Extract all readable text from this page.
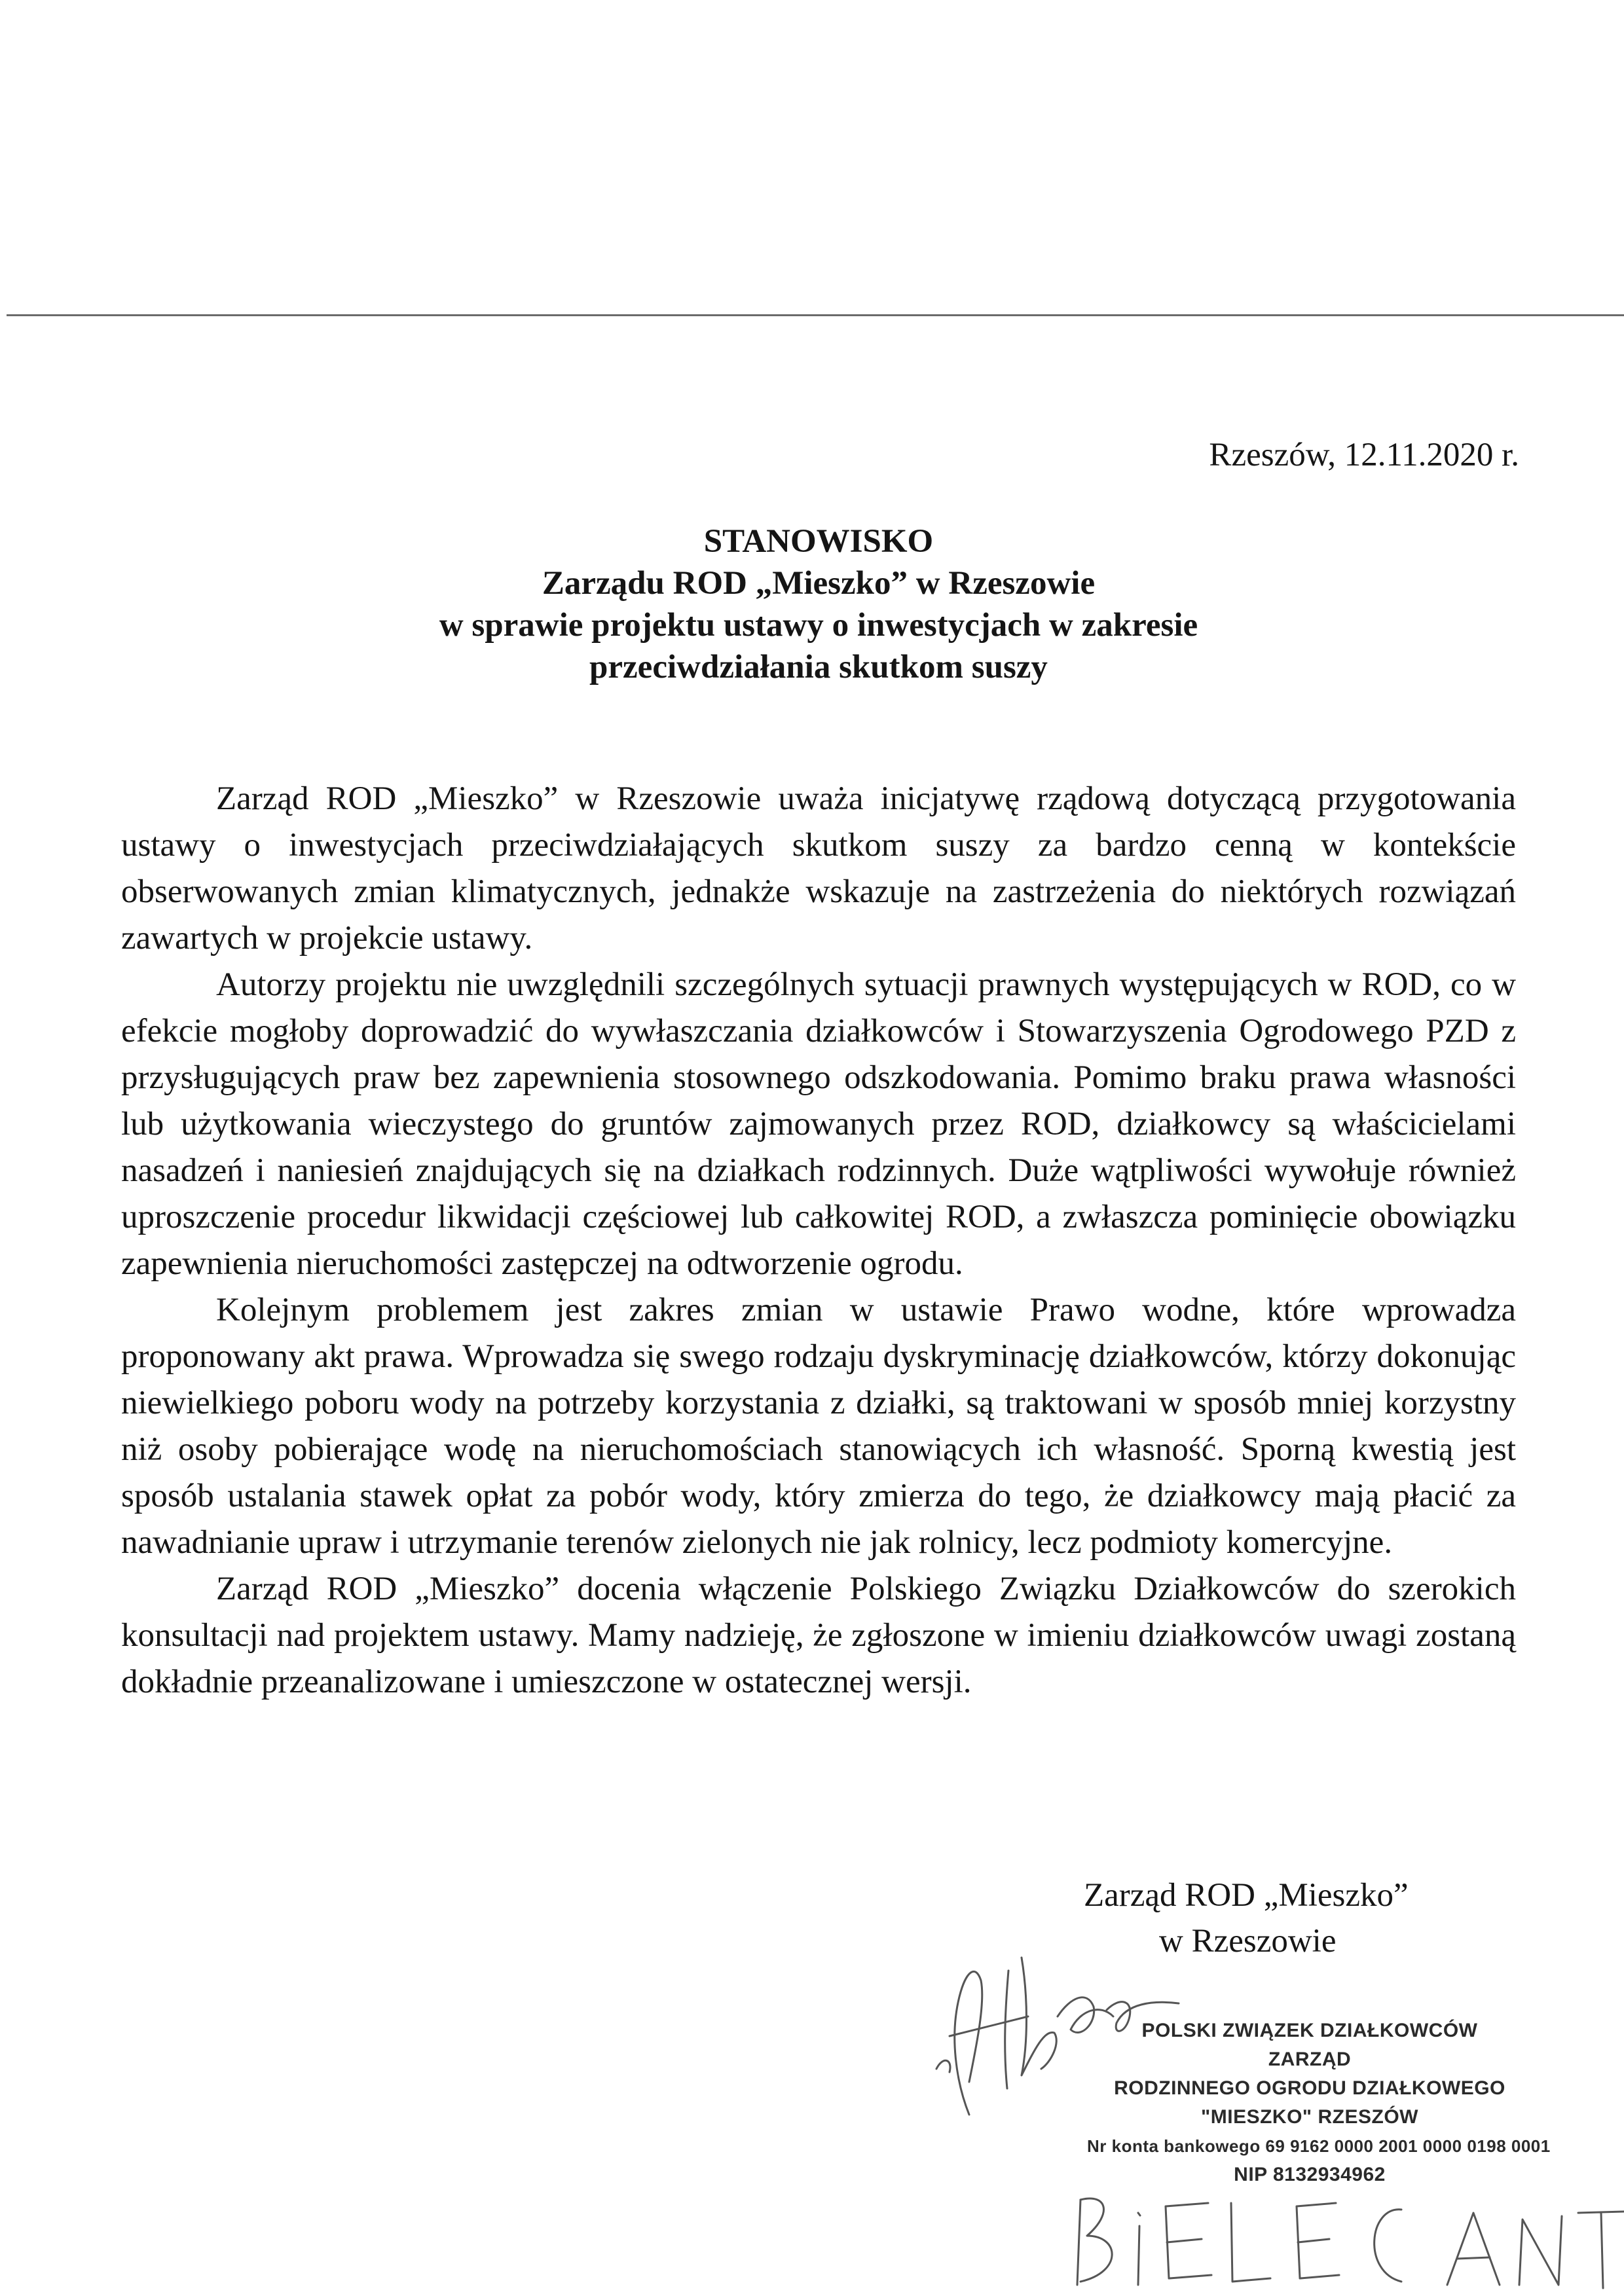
Rzeszów, 12.11.2020 r.
STANOWISKO
Zarządu ROD „Mieszko” w Rzeszowie
w sprawie projektu ustawy o inwestycjach w zakresie
przeciwdziałania skutkom suszy

Zarząd ROD „Mieszko” w Rzeszowie uważa inicjatywę rządową dotyczącą przygotowania ustawy o inwestycjach przeciwdziałających skutkom suszy za bardzo cenną w kontekście obserwowanych zmian klimatycznych, jednakże wskazuje na zastrzeżenia do niektórych rozwiązań zawartych w projekcie ustawy.

Autorzy projektu nie uwzględnili szczególnych sytuacji prawnych występujących w ROD, co w efekcie mogłoby doprowadzić do wywłaszczania działkowców i Stowarzyszenia Ogrodowego PZD z przysługujących praw bez zapewnienia stosownego odszkodowania. Pomimo braku prawa własności lub użytkowania wieczystego do gruntów zajmowanych przez ROD, działkowcy są właścicielami nasadzeń i naniesień znajdujących się na działkach rodzinnych. Duże wątpliwości wywołuje również uproszczenie procedur likwidacji częściowej lub całkowitej ROD, a zwłaszcza pominięcie obowiązku zapewnienia nieruchomości zastępczej na odtworzenie ogrodu.

Kolejnym problemem jest zakres zmian w ustawie Prawo wodne, które wprowadza proponowany akt prawa. Wprowadza się swego rodzaju dyskryminację działkowców, którzy dokonując niewielkiego poboru wody na potrzeby korzystania z działki, są traktowani w sposób mniej korzystny niż osoby pobierające wodę na nieruchomościach stanowiących ich własność. Sporną kwestią jest sposób ustalania stawek opłat za pobór wody, który zmierza do tego, że działkowcy mają płacić za nawadnianie upraw i utrzymanie terenów zielonych nie jak rolnicy, lecz podmioty komercyjne.

Zarząd ROD „Mieszko” docenia włączenie Polskiego Związku Działkowców do szerokich konsultacji nad projektem ustawy. Mamy nadzieję, że zgłoszone w imieniu działkowców uwagi zostaną dokładnie przeanalizowane i umieszczone w ostatecznej wersji.

Zarząd ROD „Mieszko”
w Rzeszowie
POLSKI ZWIĄZEK DZIAŁKOWCÓW
ZARZĄD
RODZINNEGO OGRODU DZIAŁKOWEGO
"MIESZKO" RZESZÓW
Nr konta bankowego 69 9162 0000 2001 0000 0198 0001
NIP 8132934962
